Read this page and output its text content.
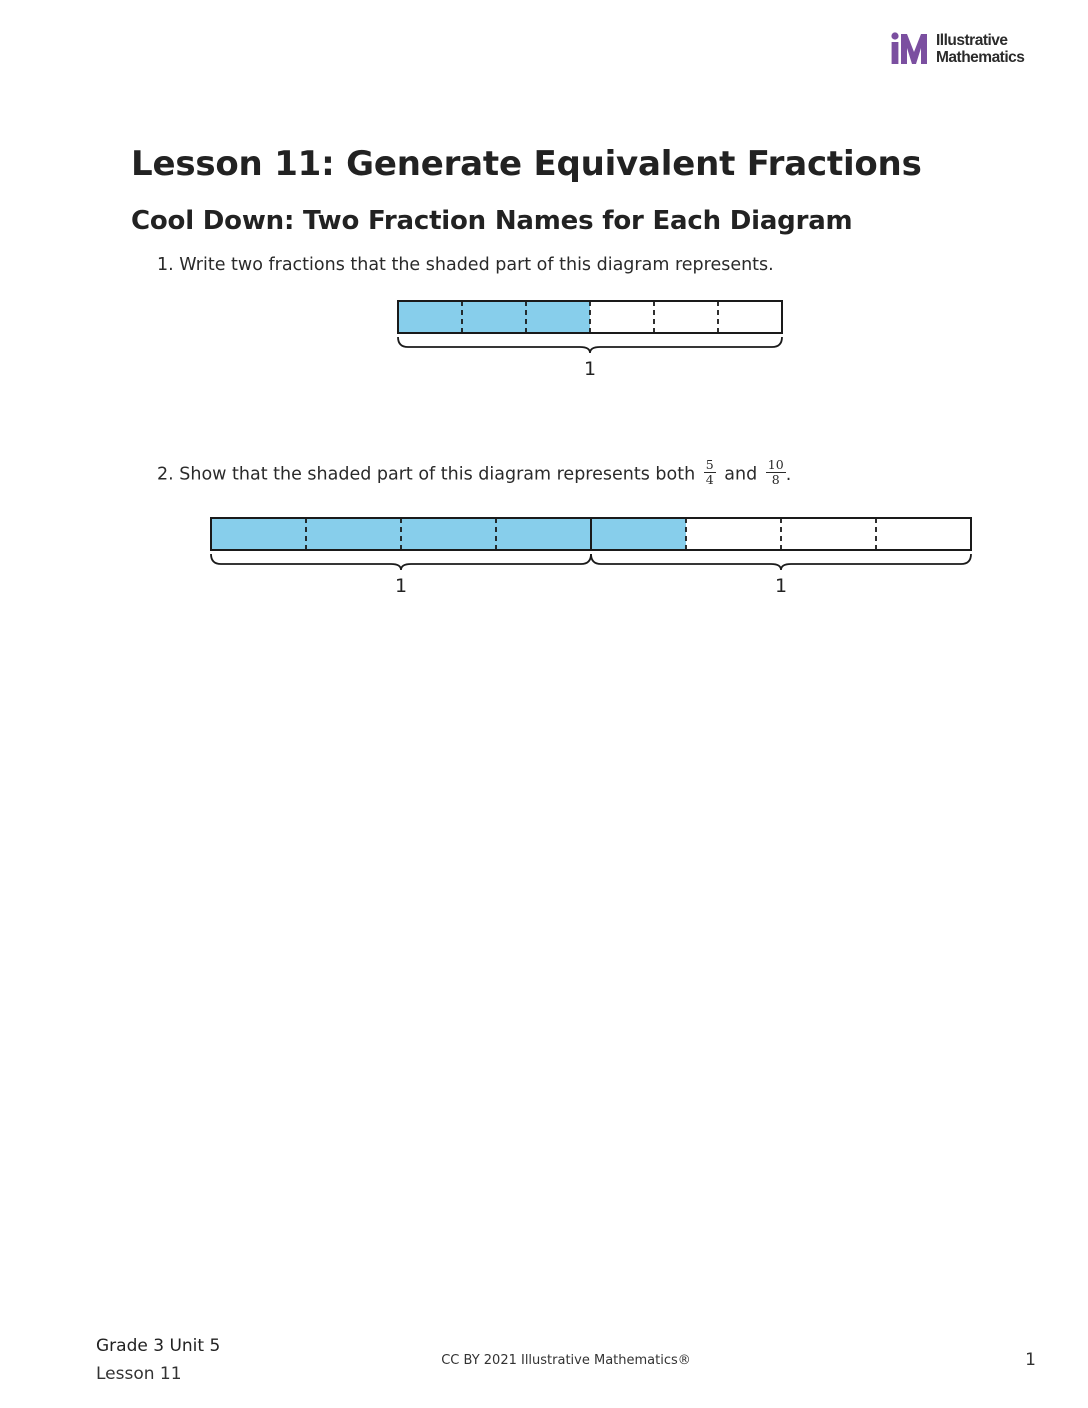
Illustrative
Mathematics
Lesson 11: Generate Equivalent Fractions
Cool Down: Two Fraction Names for Each Diagram
1. Write two fractions that the shaded part of this diagram represents.
1
2. Show that the shaded part of this diagram represents both $\frac{5}{4}$ and $\frac{10}{8}$ .
1	1
Grade 3 Unit 5
Lesson 11
CC BY 2021 Illustrative Mathematics®	1
